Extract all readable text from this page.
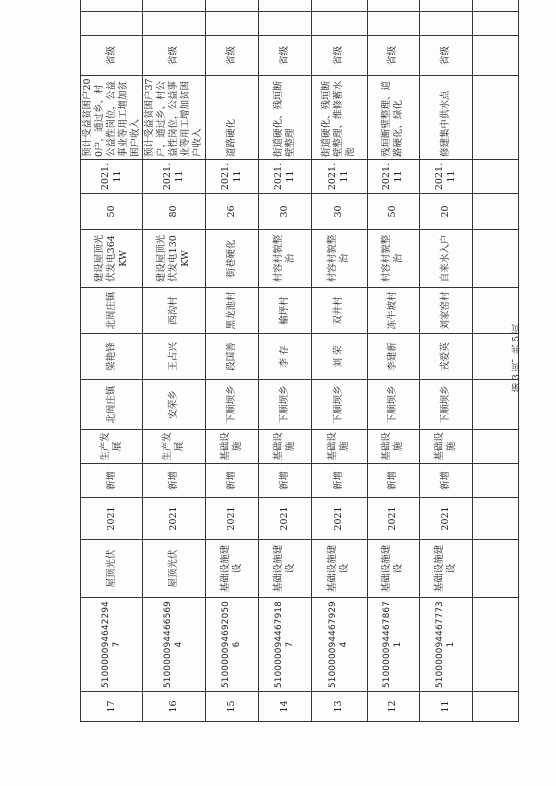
17	5100000946422947	屋顶光伏	2021	新增	生产发展	北周庄镇	梁艳锋	北周庄镇	建设屋顶光伏发电364KW	50	2021.11	预计受益贫困户200户，通过乡、村公益性岗位，公益事业等用工增加贫困户收入	省级		
16	5100000944665694	屋顶光伏	2021	新增	生产发展	安荣乡	王占兴	西沟村	建设屋顶光伏发电130KW	80	2021.11	预计受益贫困户37户，通过乡、村公益性岗位，公益事业等用工增加贫困户收入	省级		
15	5100000946920506	基础设施建设	2021	新增	基础设施	下顺坝乡	段国善	黑龙池村	街巷硬化	26	2021.11	道路硬化	省级		
14	5100000944679187	基础设施建设	2021	新增	基础设施	下顺坝乡	李 存	榆坪村	村容村貌整治	30	2021.11	街道硬化、残垣断壁整理	省级		
13	5100000944679294	基础设施建设	2021	新增	基础设施	下顺坝乡	刘 荣	双井村	村容村貌整治	30	2021.11	街道硬化、残垣断壁整理、维修蓄水池	省级		
12	5100000944678671	基础设施建设	2021	新增	基础设施	下顺坝乡	李建新	冻牛坡村	村容村貌整治	50	2021.11	残垣断壁整理、道路硬化、绿化	省级		
11	5100000944677731	基础设施建设	2021	新增	基础设施	下顺坝乡	戎爱英	刘家窑村	自来水入户	20	2021.11	修建集中供水点	省级		

第 3 页，共 5 页
